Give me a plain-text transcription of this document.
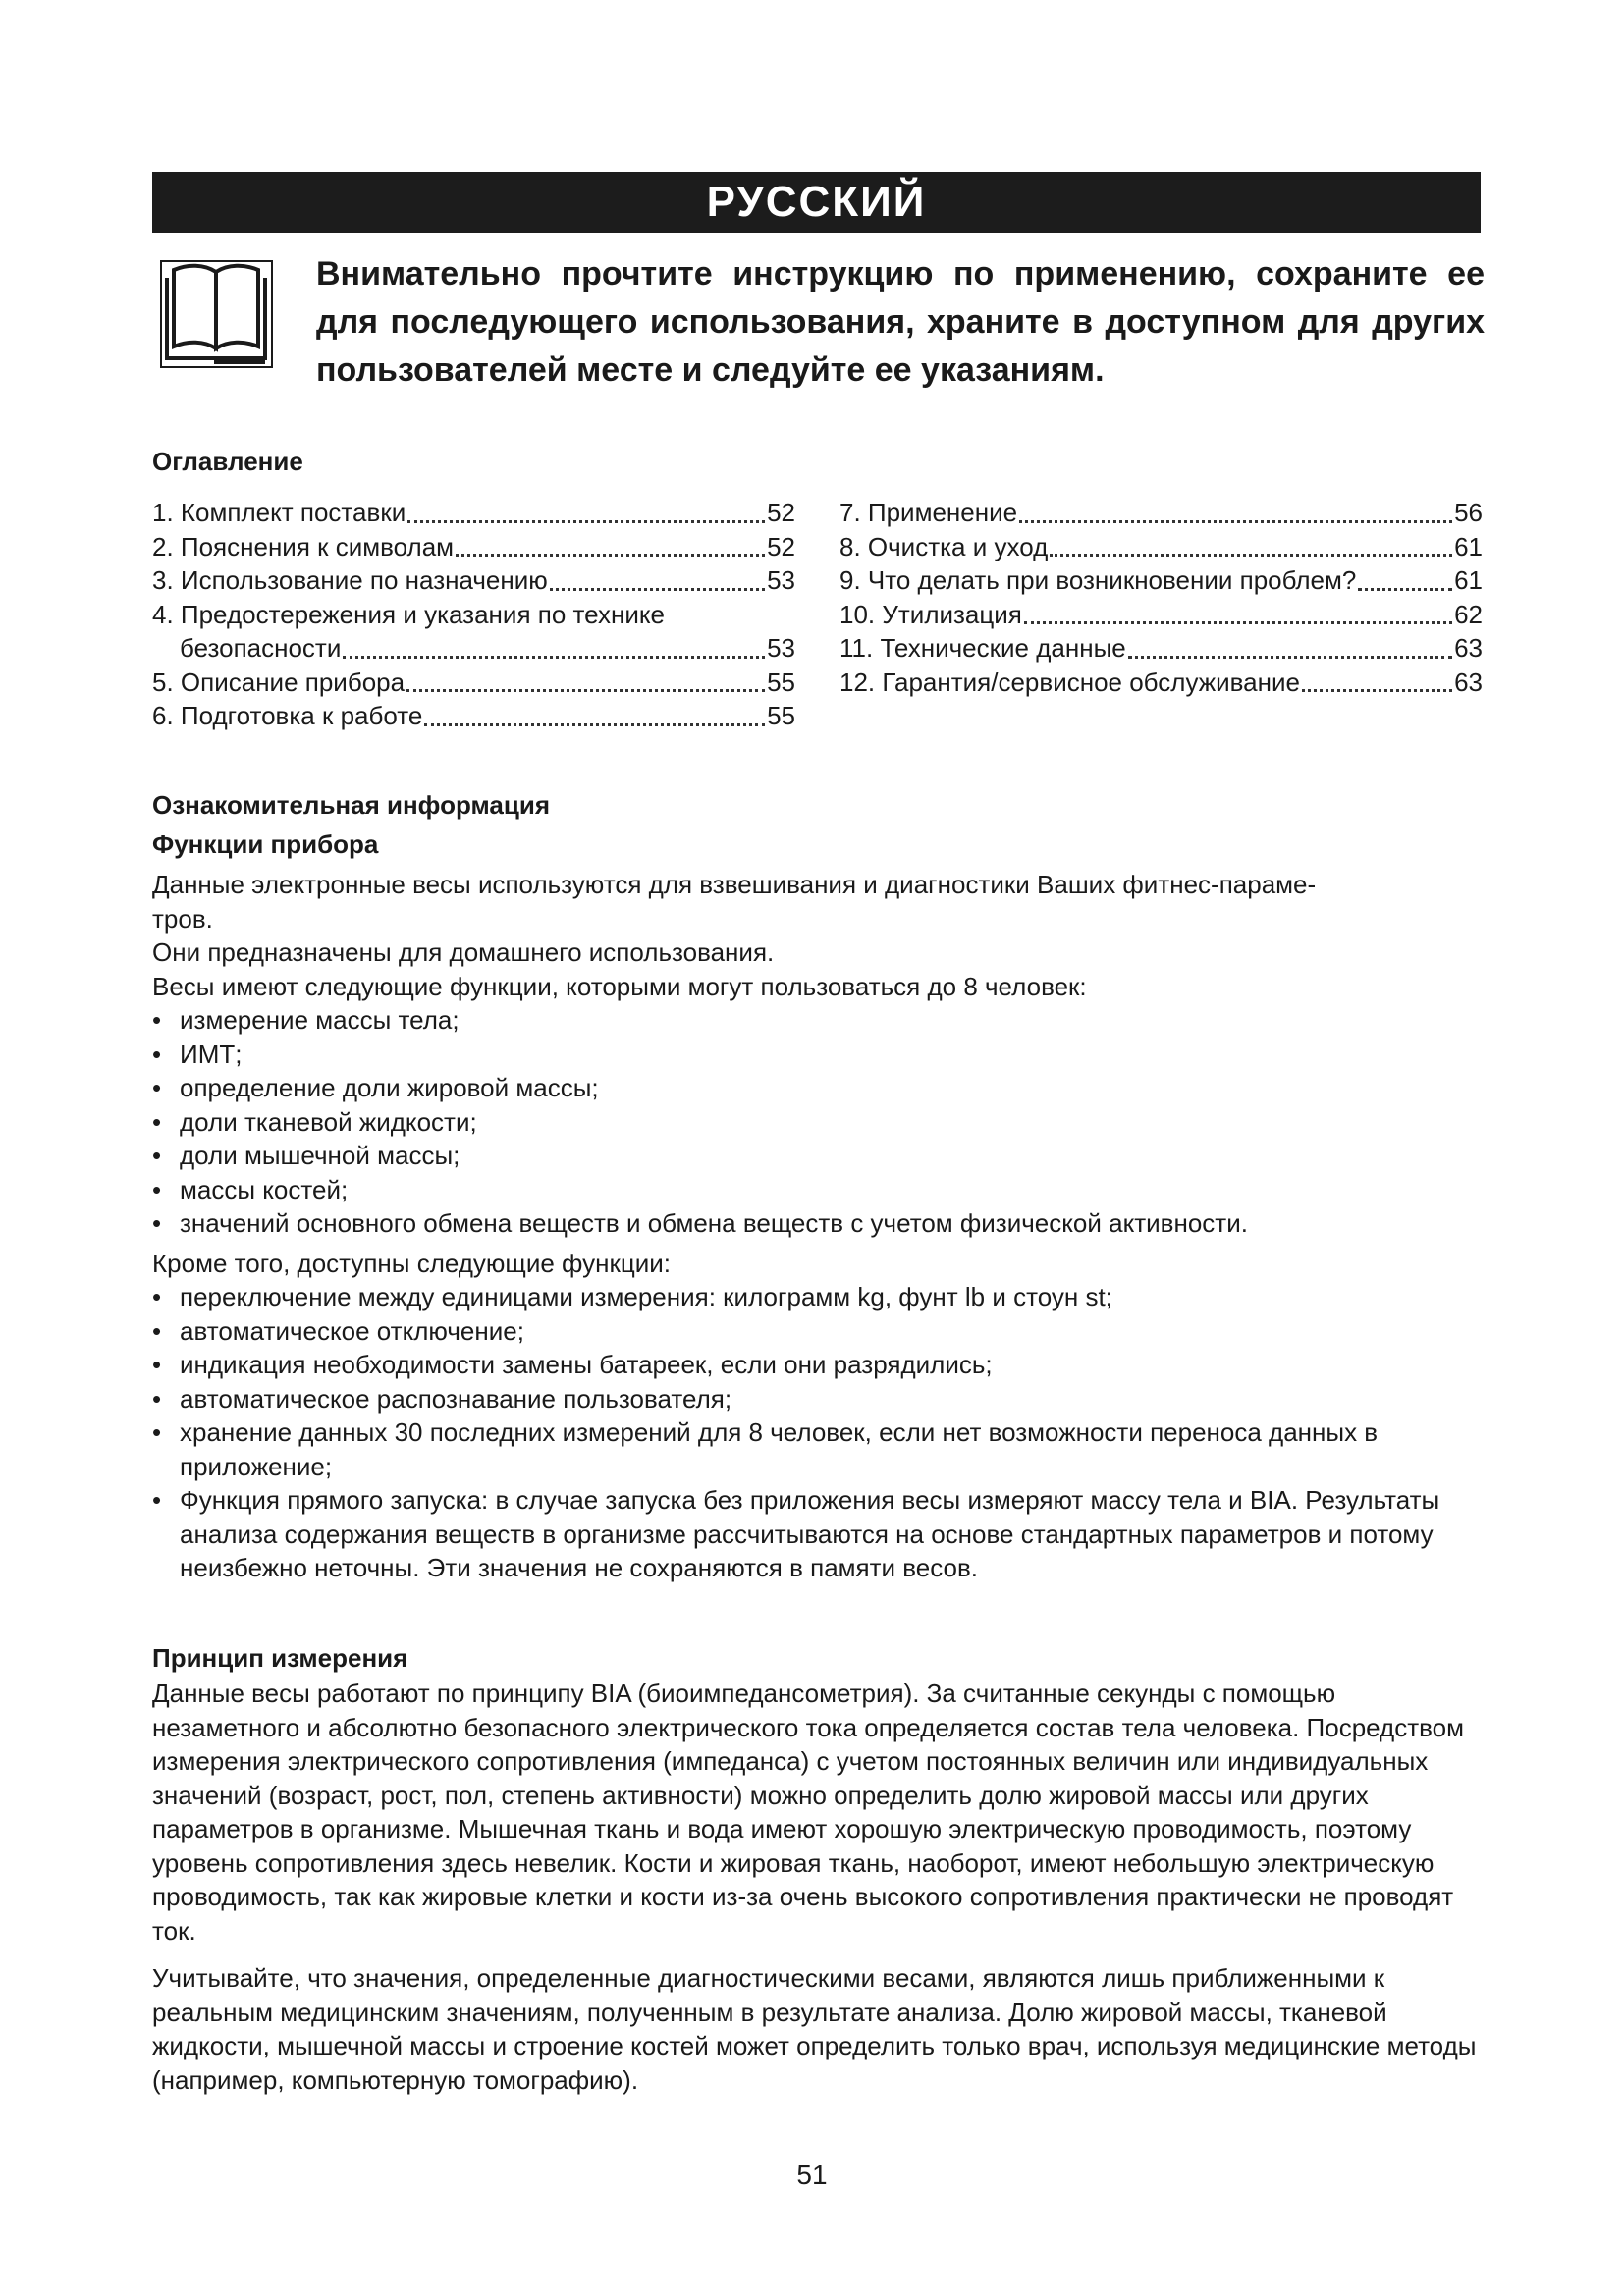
РУССКИЙ
Внимательно прочтите инструкцию по применению, сохраните ее для последующего использования, храните в доступном для других пользователей месте и следуйте ее указаниям.
Оглавление
1. Комплект поставки	52
2. Пояснения к символам	52
3. Использование по назначению	53
4. Предостережения и указания по технике
безопасности	53
5. Описание прибора	55
6. Подготовка к работе	55
7. Применение	56
8. Очистка и уход	61
9. Что делать при возникновении проблем?	61
10. Утилизация	62
11. Технические данные	63
12. Гарантия/сервисное обслуживание	63
Ознакомительная информация
Функции прибора

Данные электронные весы используются для взвешивания и диагностики Ваших фитнес-параме-

тров.

Они предназначены для домашнего использования.

Весы имеют следующие функции, которыми могут пользоваться до 8 человек:

• измерение массы тела;
• ИМТ;
• определение доли жировой массы;
• доли тканевой жидкости;
• доли мышечной массы;
• массы костей;
• значений основного обмена веществ и обмена веществ с учетом физической активности.

Кроме того, доступны следующие функции:

• переключение между единицами измерения: килограмм kg, фунт lb и стоун st;
• автоматическое отключение;
• индикация необходимости замены батареек, если они разрядились;
• автоматическое распознавание пользователя;
• хранение данных 30 последних измерений для 8 человек, если нет возможности переноса данных в приложение;
• Функция прямого запуска: в случае запуска без приложения весы измеряют массу тела и BIA. Результаты анализа содержания веществ в организме рассчитываются на основе стандартных параметров и потому неизбежно неточны. Эти значения не сохраняются в памяти весов.
Принцип измерения

Данные весы работают по принципу BIA (биоимпедансометрия). За считанные секунды с помощью незаметного и абсолютно безопасного электрического тока определяется состав тела человека. Посредством измерения электрического сопротивления (импеданса) с учетом постоянных величин или индивидуальных значений (возраст, рост, пол, степень активности) можно определить долю жировой массы или других параметров в организме. Мышечная ткань и вода имеют хорошую электрическую проводимость, поэтому уровень сопротивления здесь невелик. Кости и жировая ткань, наоборот, имеют небольшую электрическую проводимость, так как жировые клетки и кости из-за очень высокого сопротивления практически не проводят ток.

Учитывайте, что значения, определенные диагностическими весами, являются лишь приближенными к реальным медицинским значениям, полученным в результате анализа. Долю жировой массы, тканевой жидкости, мышечной массы и строение костей может определить только врач, используя медицинские методы (например, компьютерную томографию).

51
